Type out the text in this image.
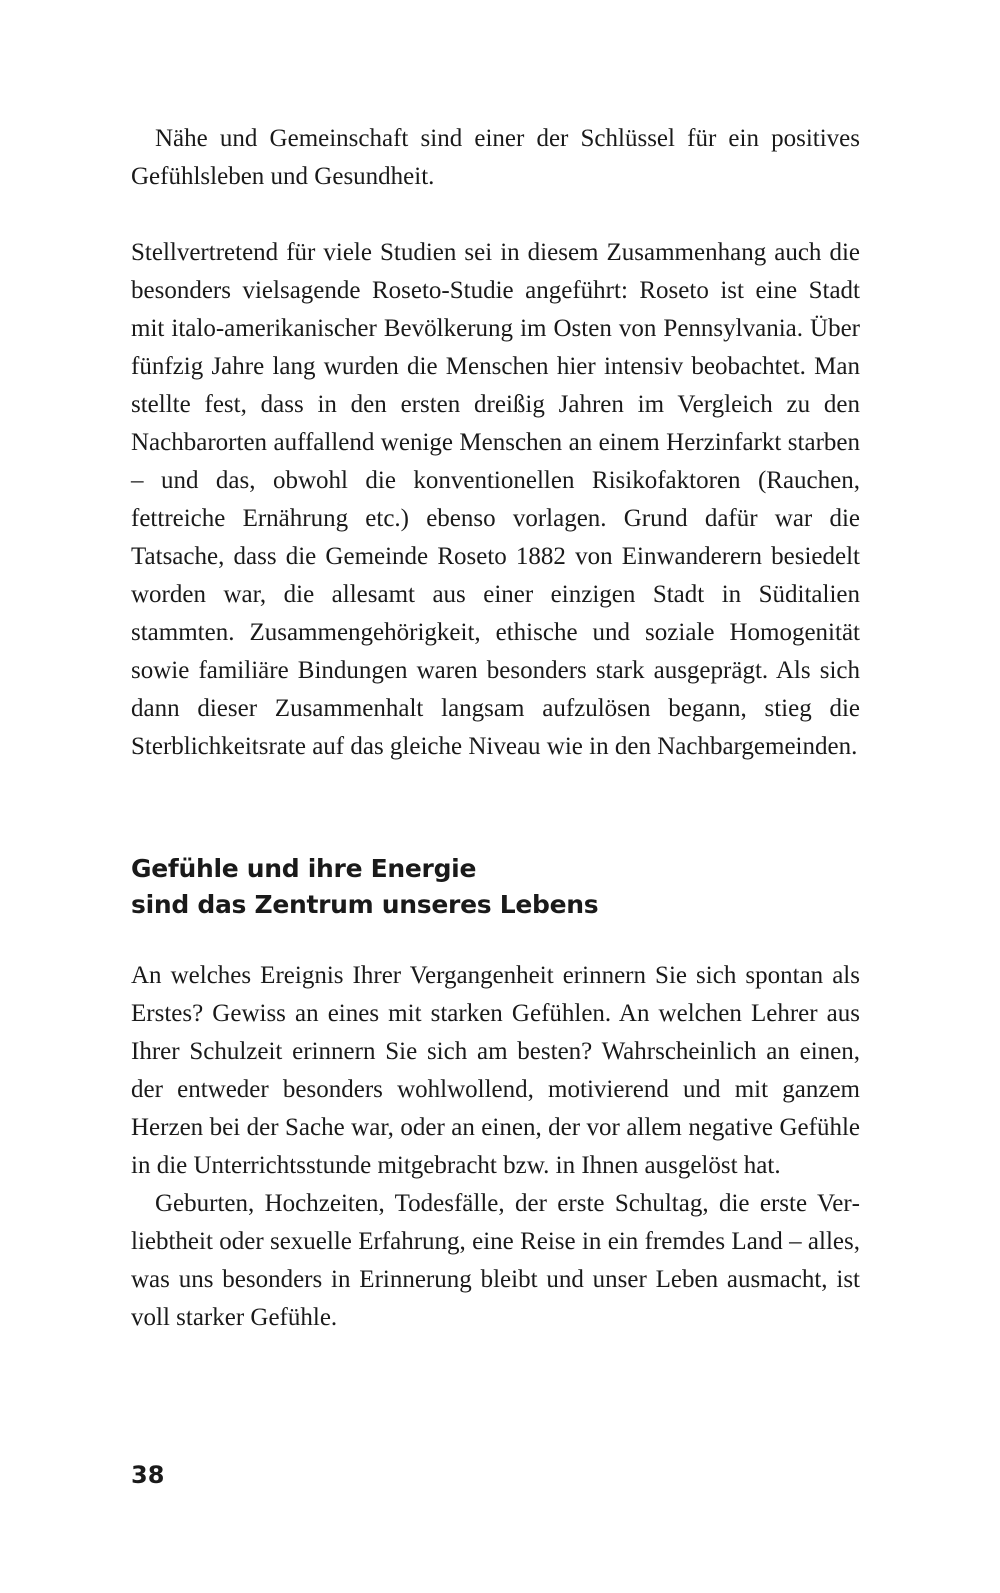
Nähe und Gemeinschaft sind einer der Schlüssel für ein positives Gefühlsleben und Gesundheit.

Stellvertretend für viele Studien sei in diesem Zusammenhang auch die besonders vielsagende Roseto-Studie angeführt: Roseto ist eine Stadt mit italo-amerikanischer Bevölkerung im Osten von Pennsylvania. Über fünfzig Jahre lang wurden die Menschen hier intensiv beobachtet. Man stellte fest, dass in den ersten dreißig Jahren im Vergleich zu den Nachbarorten auffallend wenige Menschen an einem Herzinfarkt starben – und das, obwohl die konventionellen Risikofaktoren (Rauchen, fettreiche Ernährung etc.) ebenso vorlagen. Grund dafür war die Tatsache, dass die Gemeinde Roseto 1882 von Einwanderern besiedelt worden war, die allesamt aus einer einzigen Stadt in Süditalien stammten. Zusammengehörigkeit, ethische und soziale Homogenität sowie familiäre Bindungen waren besonders stark ausgeprägt. Als sich dann dieser Zusammenhalt langsam aufzulösen begann, stieg die Sterblichkeitsrate auf das gleiche Niveau wie in den Nachbargemeinden.

Gefühle und ihre Energie
sind das Zentrum unseres Lebens

An welches Ereignis Ihrer Vergangenheit erinnern Sie sich spontan als Erstes? Gewiss an eines mit starken Gefühlen. An welchen Lehrer aus Ihrer Schulzeit erinnern Sie sich am besten? Wahrscheinlich an einen, der entweder besonders wohlwollend, motivierend und mit ganzem Herzen bei der Sache war, oder an einen, der vor allem negative Gefühle in die Unterrichtsstunde mitgebracht bzw. in Ihnen ausgelöst hat.

Geburten, Hochzeiten, Todesfälle, der erste Schultag, die erste Verliebtheit oder sexuelle Erfahrung, eine Reise in ein fremdes Land – alles, was uns besonders in Erinnerung bleibt und unser Leben ausmacht, ist voll starker Gefühle.

38
